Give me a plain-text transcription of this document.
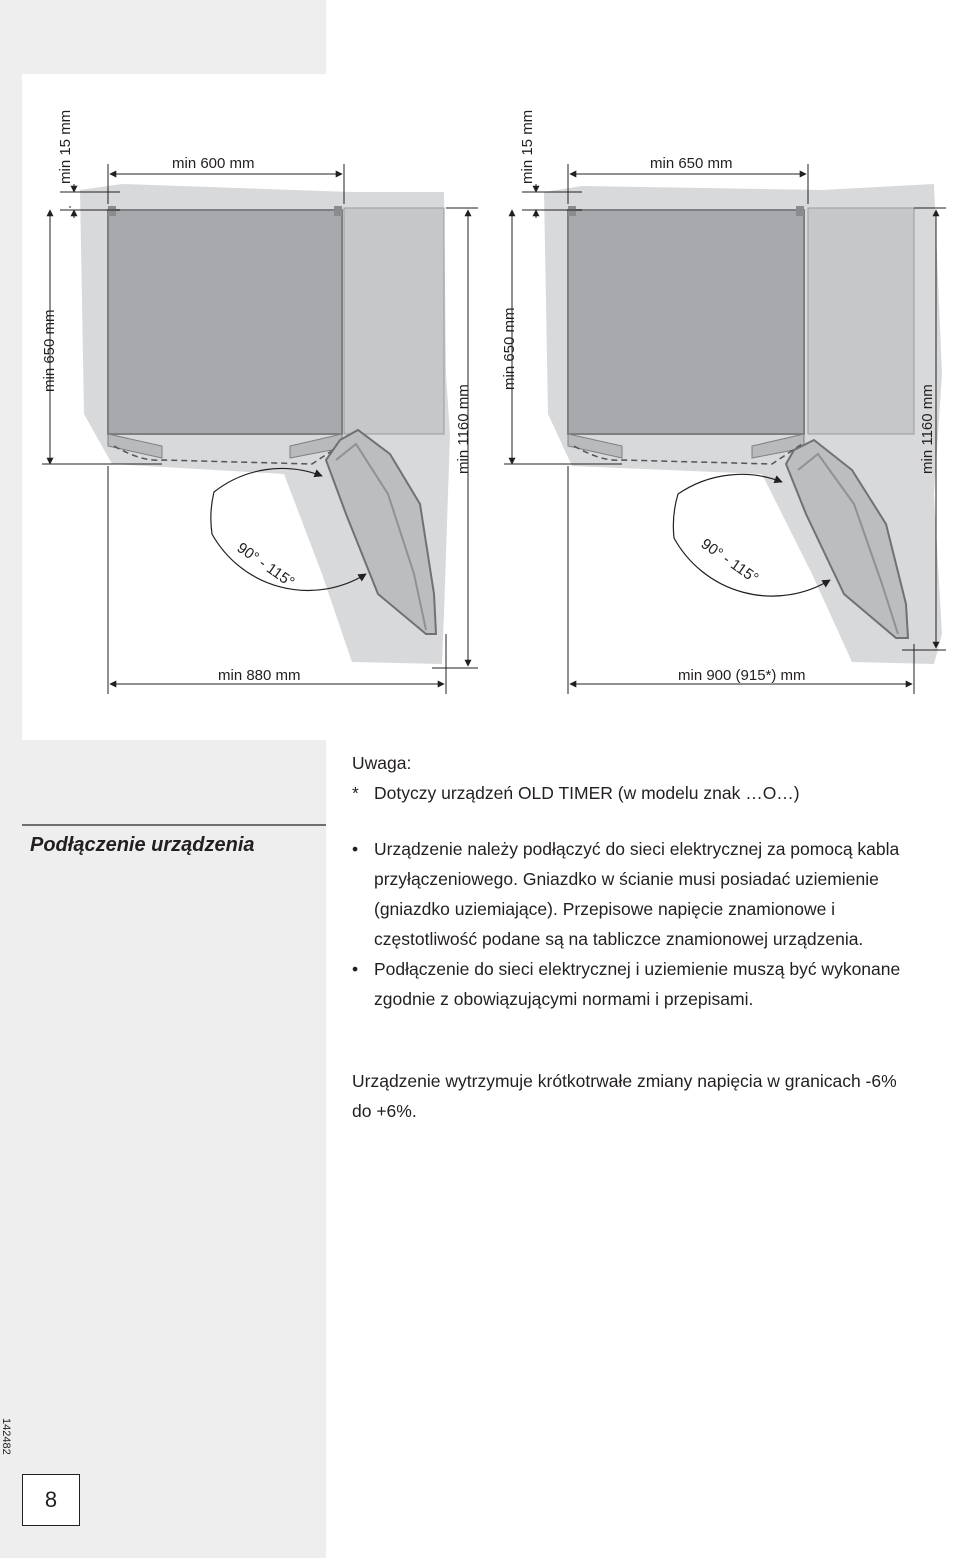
90° - 115°
min 15 mm	min 600 mm
min 650 mm
min 1160 mm
min 880 mm
90° - 115°
min 15 mm	min 650 mm
min 650 mm
min 1160 mm
min 900 (915*) mm
Uwaga:
* Dotyczy urządzeń OLD TIMER (w modelu znak …O…)
Podłączenie urządzenia	• Urządzenie należy podłączyć do sieci elektrycznej za pomocą kabla przyłączeniowego. Gniazdko w ścianie musi posiadać uziemienie (gniazdko uziemiające). Przepisowe napięcie znamionowe i częstotliwość podane są na tabliczce znamionowej urządzenia.
• Podłączenie do sieci elektrycznej i uziemienie muszą być wykonane zgodnie z obowiązującymi normami i przepisami.
Urządzenie wytrzymuje krótkotrwałe zmiany napięcia w granicach -6% do +6%.
142482
8
